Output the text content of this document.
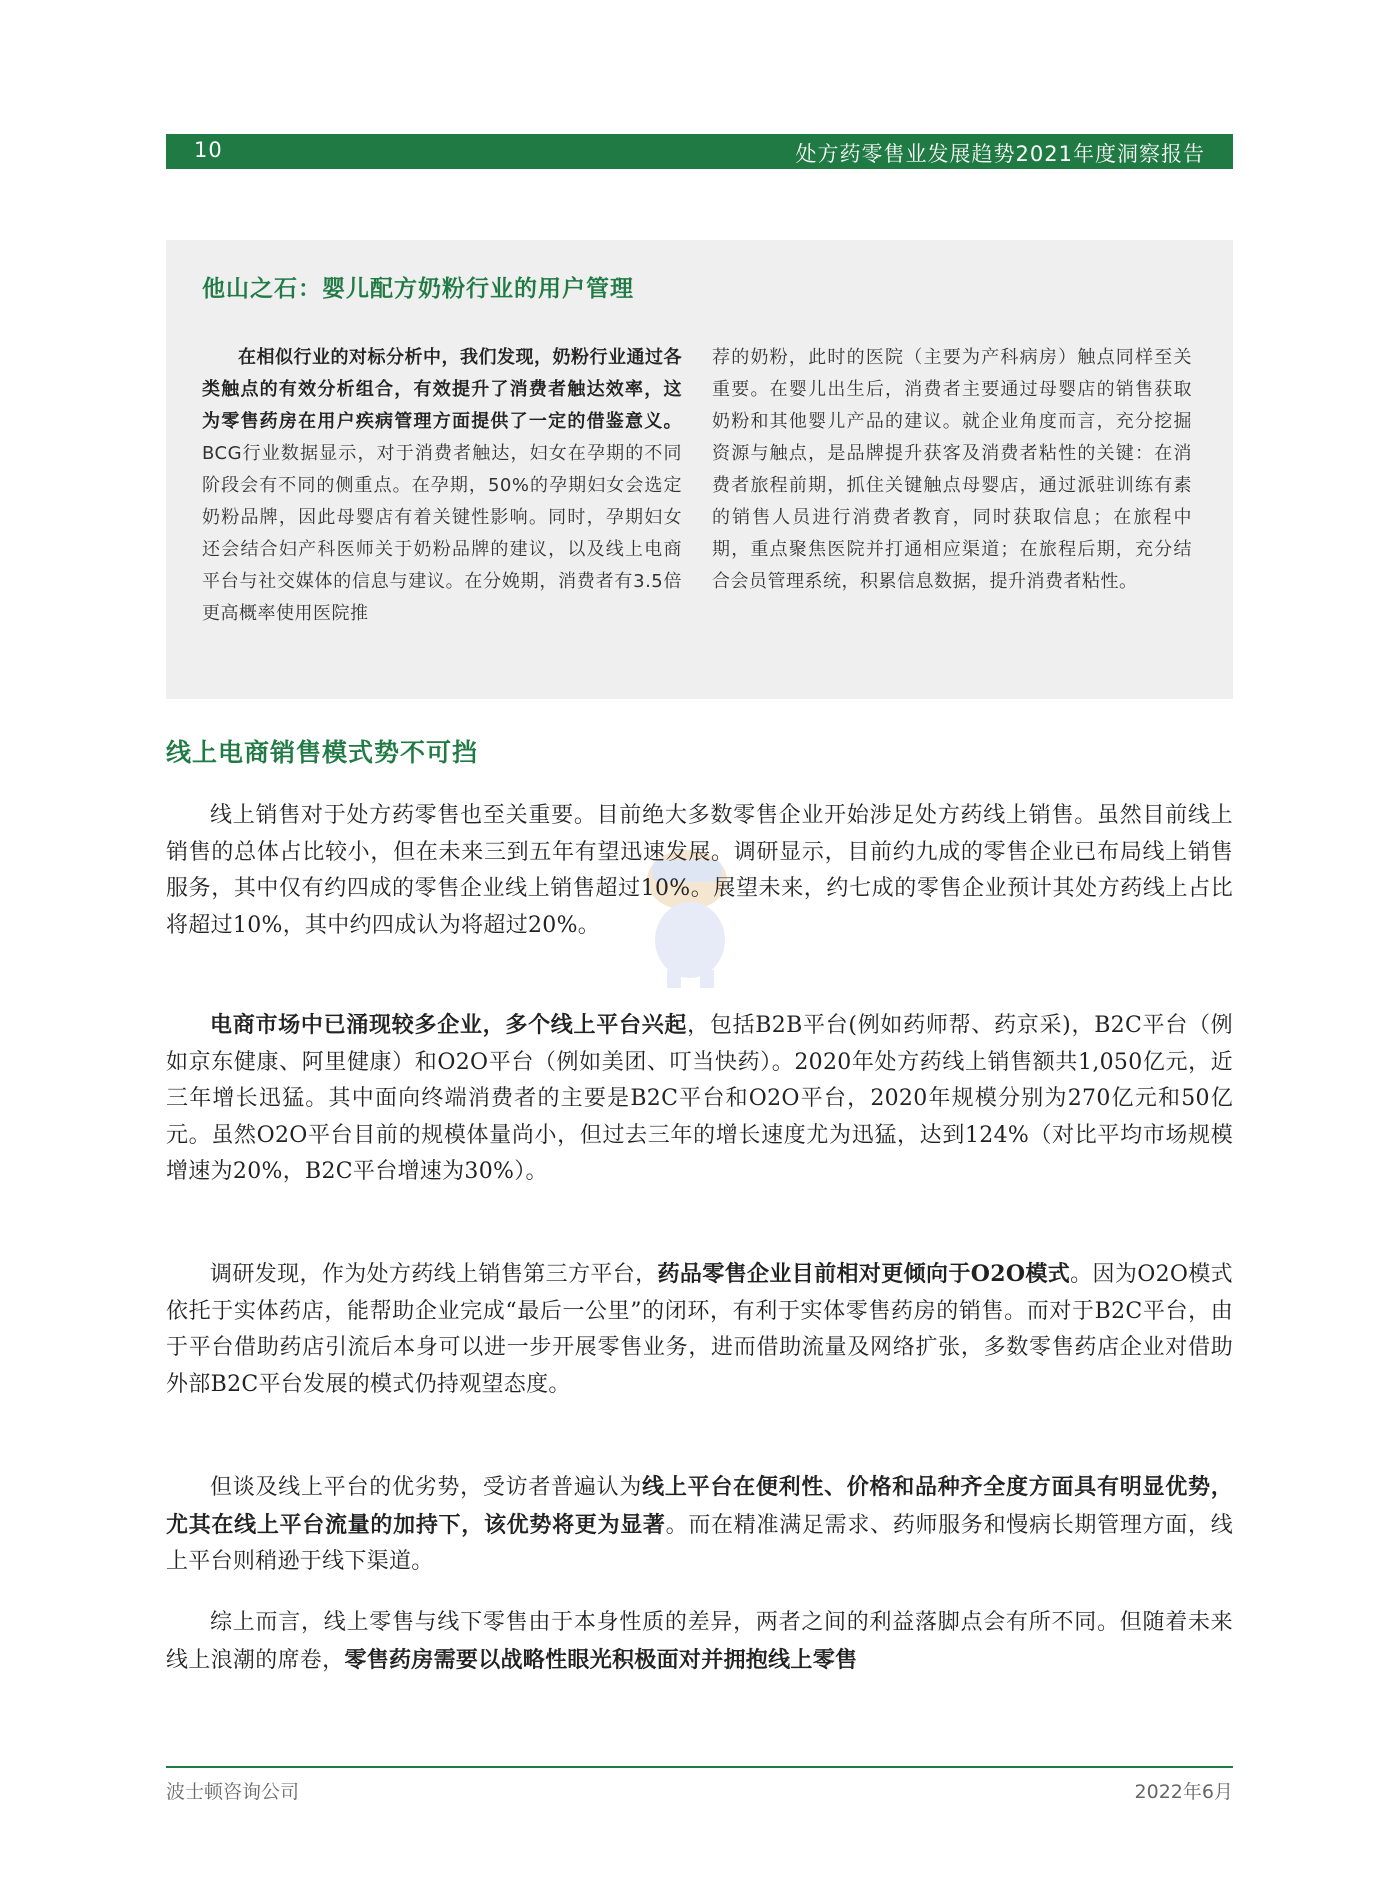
10	处方药零售业发展趋势2021年度洞察报告
他山之石：婴儿配方奶粉行业的用户管理
在相似行业的对标分析中，我们发现，奶粉行业通过各类触点的有效分析组合，有效提升了消费者触达效率，这为零售药房在用户疾病管理方面提供了一定的借鉴意义。BCG行业数据显示，对于消费者触达，妇女在孕期的不同阶段会有不同的侧重点。在孕期，50%的孕期妇女会选定奶粉品牌，因此母婴店有着关键性影响。同时，孕期妇女还会结合妇产科医师关于奶粉品牌的建议，以及线上电商平台与社交媒体的信息与建议。在分娩期，消费者有3.5倍更高概率使用医院推
荐的奶粉，此时的医院（主要为产科病房）触点同样至关重要。在婴儿出生后，消费者主要通过母婴店的销售获取奶粉和其他婴儿产品的建议。就企业角度而言，充分挖掘资源与触点，是品牌提升获客及消费者粘性的关键：在消费者旅程前期，抓住关键触点母婴店，通过派驻训练有素的销售人员进行消费者教育，同时获取信息；在旅程中期，重点聚焦医院并打通相应渠道；在旅程后期，充分结合会员管理系统，积累信息数据，提升消费者粘性。
线上电商销售模式势不可挡

线上销售对于处方药零售也至关重要。目前绝大多数零售企业开始涉足处方药线上销售。虽然目前线上销售的总体占比较小，但在未来三到五年有望迅速发展。调研显示，目前约九成的零售企业已布局线上销售服务，其中仅有约四成的零售企业线上销售超过10%。展望未来，约七成的零售企业预计其处方药线上占比将超过10%，其中约四成认为将超过20%。

电商市场中已涌现较多企业，多个线上平台兴起，包括B2B平台(例如药师帮、药京采)，B2C平台（例如京东健康、阿里健康）和O2O平台（例如美团、叮当快药）。2020年处方药线上销售额共1,050亿元，近三年增长迅猛。其中面向终端消费者的主要是B2C平台和O2O平台，2020年规模分别为270亿元和50亿元。虽然O2O平台目前的规模体量尚小，但过去三年的增长速度尤为迅猛，达到124%（对比平均市场规模增速为20%，B2C平台增速为30%）。

调研发现，作为处方药线上销售第三方平台，药品零售企业目前相对更倾向于O2O模式。因为O2O模式依托于实体药店，能帮助企业完成“最后一公里”的闭环，有利于实体零售药房的销售。而对于B2C平台，由于平台借助药店引流后本身可以进一步开展零售业务，进而借助流量及网络扩张，多数零售药店企业对借助外部B2C平台发展的模式仍持观望态度。

但谈及线上平台的优劣势，受访者普遍认为线上平台在便利性、价格和品种齐全度方面具有明显优势，尤其在线上平台流量的加持下，该优势将更为显著。而在精准满足需求、药师服务和慢病长期管理方面，线上平台则稍逊于线下渠道。

综上而言，线上零售与线下零售由于本身性质的差异，两者之间的利益落脚点会有所不同。但随着未来线上浪潮的席卷，零售药房需要以战略性眼光积极面对并拥抱线上零售

波士顿咨询公司	2022年6月
